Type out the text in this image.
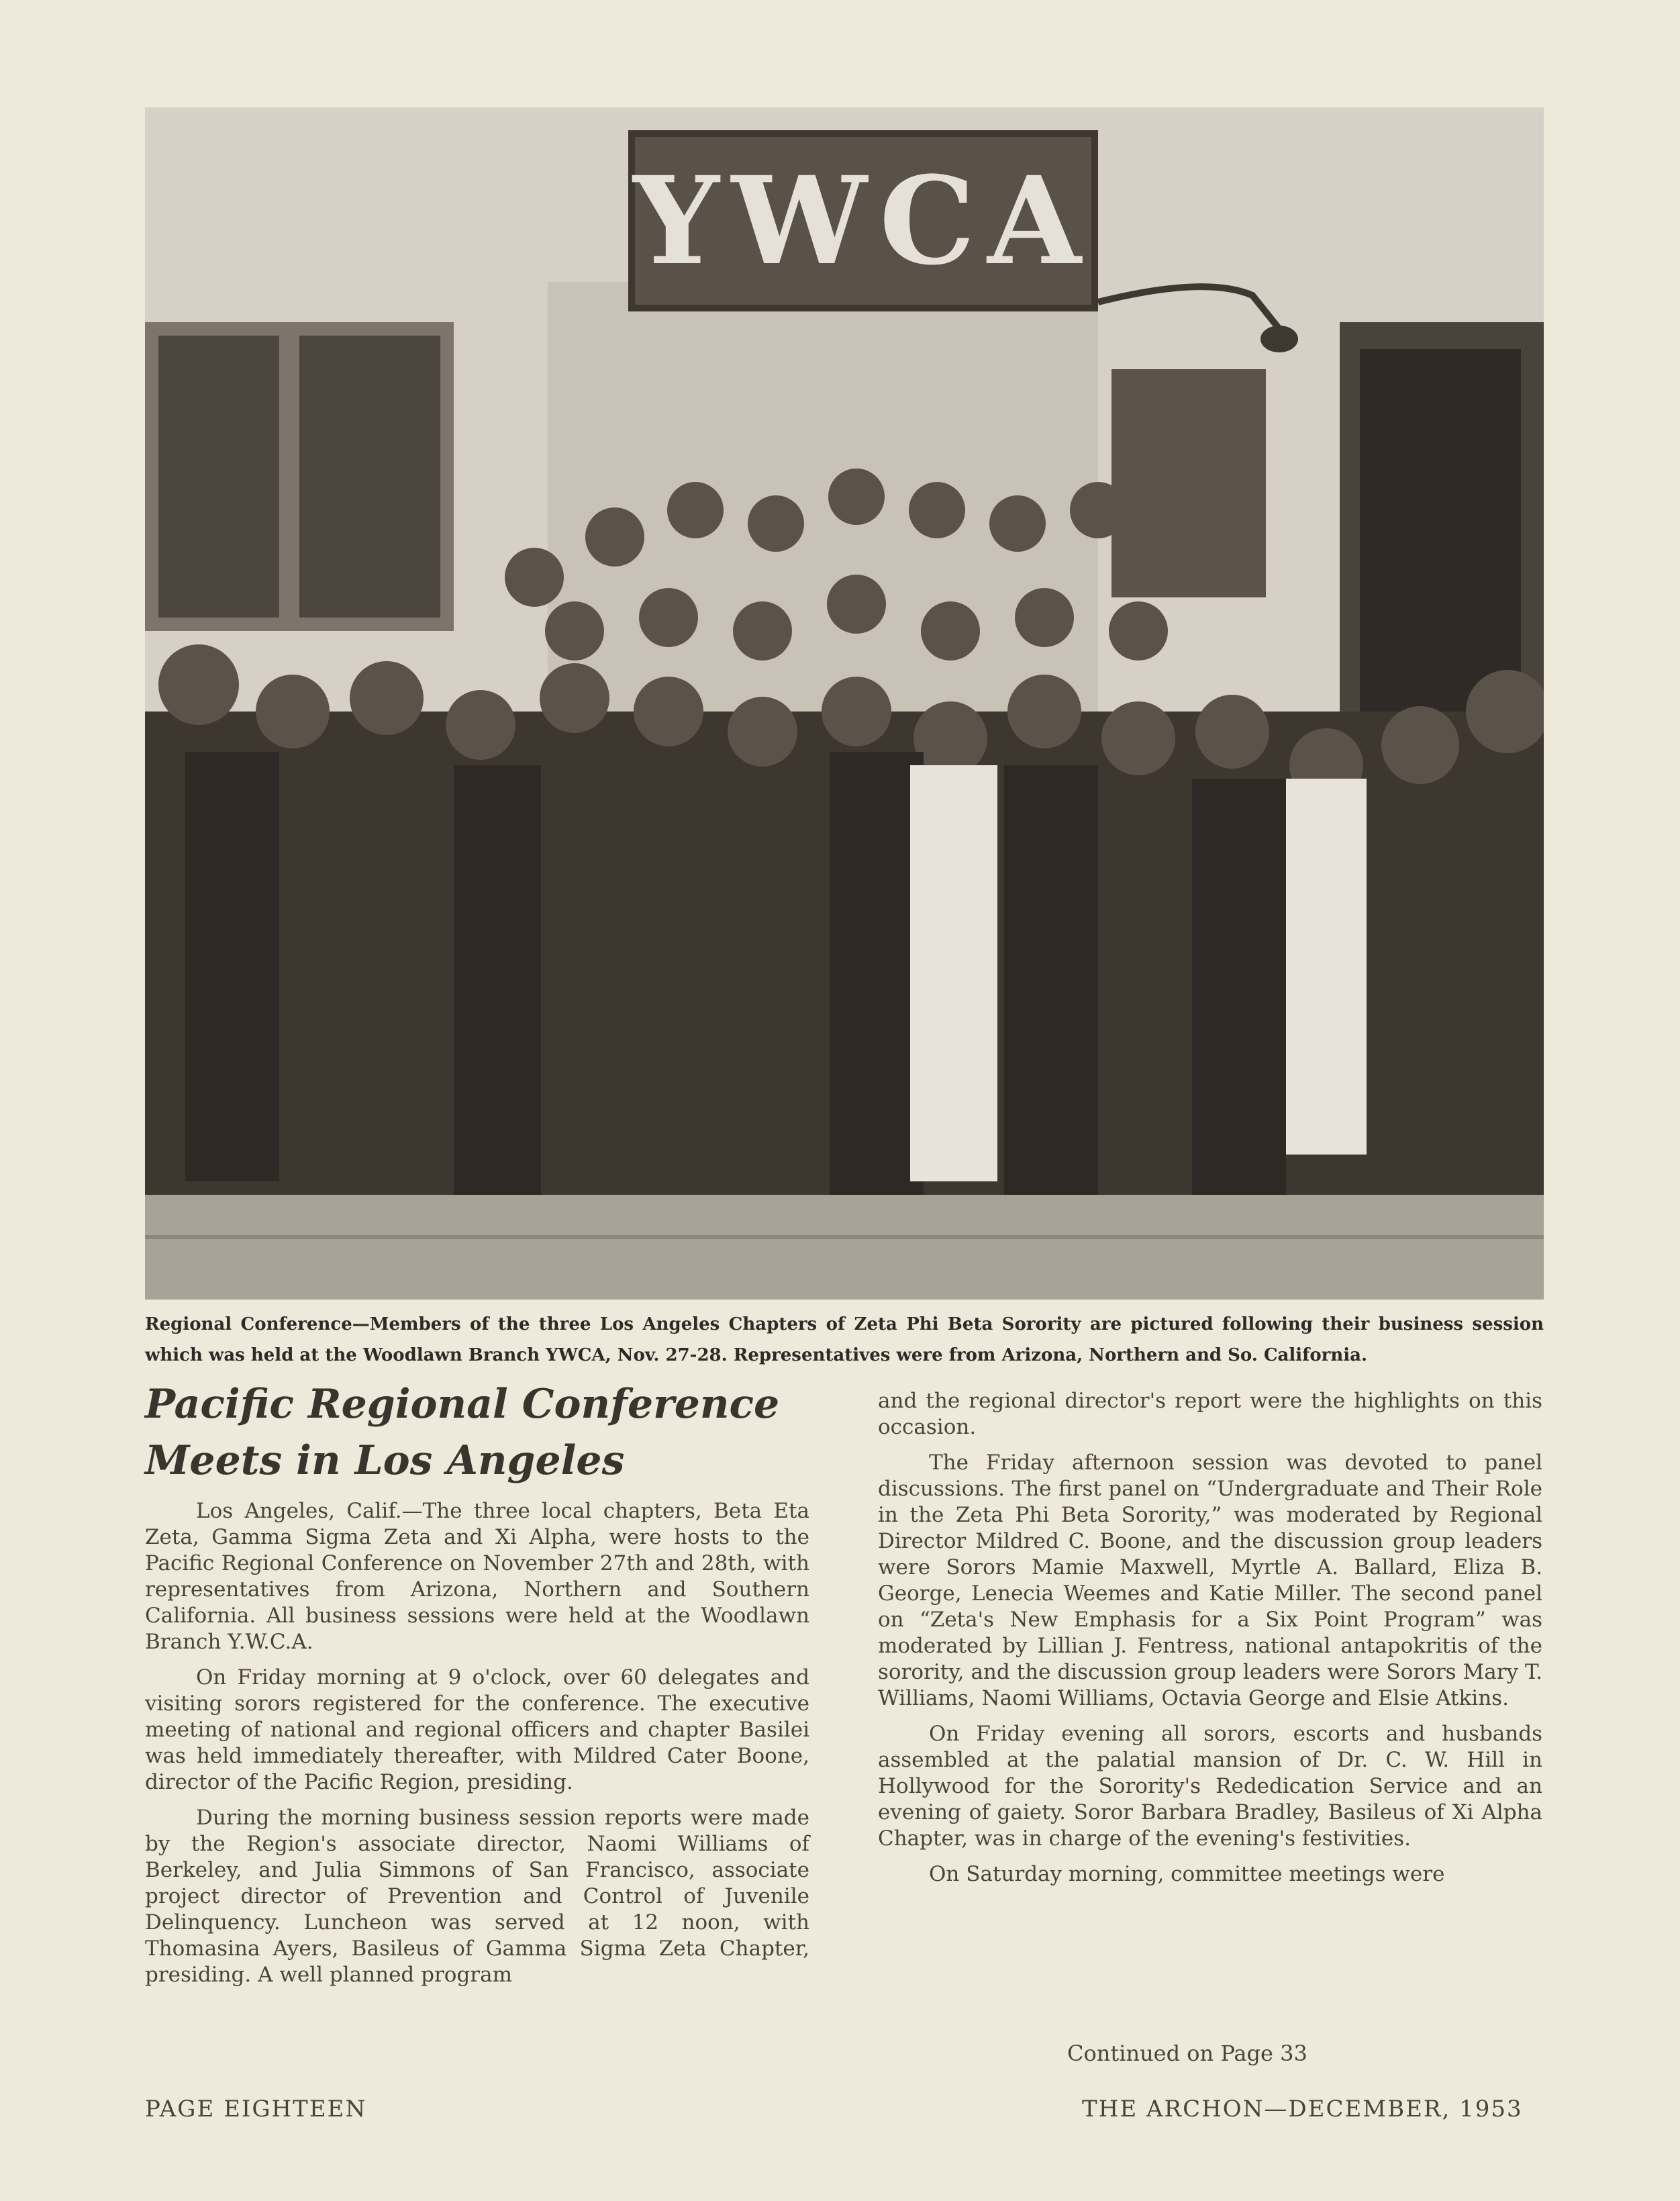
YWCA
Regional Conference—Members of the three Los Angeles Chapters of Zeta Phi Beta Sorority are pictured following their business session which was held at the Woodlawn Branch YWCA, Nov. 27-28. Representatives were from Arizona, Northern and So. California.
Pacific Regional Conference
Meets in Los Angeles

Los Angeles, Calif.—The three local chapters, Beta Eta Zeta, Gamma Sigma Zeta and Xi Alpha, were hosts to the Pacific Regional Conference on November 27th and 28th, with representatives from Arizona, Northern and Southern California. All business sessions were held at the Woodlawn Branch Y.W.C.A.

On Friday morning at 9 o'clock, over 60 delegates and visiting sorors registered for the conference. The executive meeting of national and regional officers and chapter Basilei was held immediately thereafter, with Mildred Cater Boone, director of the Pacific Region, presiding.

During the morning business session reports were made by the Region's associate director, Naomi Williams of Berkeley, and Julia Simmons of San Francisco, associate project director of Prevention and Control of Juvenile Delinquency. Luncheon was served at 12 noon, with Thomasina Ayers, Basileus of Gamma Sigma Zeta Chapter, presiding. A well planned program

and the regional director's report were the highlights on this occasion.

The Friday afternoon session was devoted to panel discussions. The first panel on “Undergraduate and Their Role in the Zeta Phi Beta Sorority,” was moderated by Regional Director Mildred C. Boone, and the discussion group leaders were Sorors Mamie Maxwell, Myrtle A. Ballard, Eliza B. George, Lenecia Weemes and Katie Miller. The second panel on “Zeta's New Emphasis for a Six Point Program” was moderated by Lillian J. Fentress, national antapokritis of the sorority, and the discussion group leaders were Sorors Mary T. Williams, Naomi Williams, Octavia George and Elsie Atkins.

On Friday evening all sorors, escorts and husbands assembled at the palatial mansion of Dr. C. W. Hill in Hollywood for the Sorority's Rededication Service and an evening of gaiety. Soror Barbara Bradley, Basileus of Xi Alpha Chapter, was in charge of the evening's festivities.

On Saturday morning, committee meetings were

Continued on Page 33
PAGE EIGHTEEN	THE ARCHON—DECEMBER, 1953
